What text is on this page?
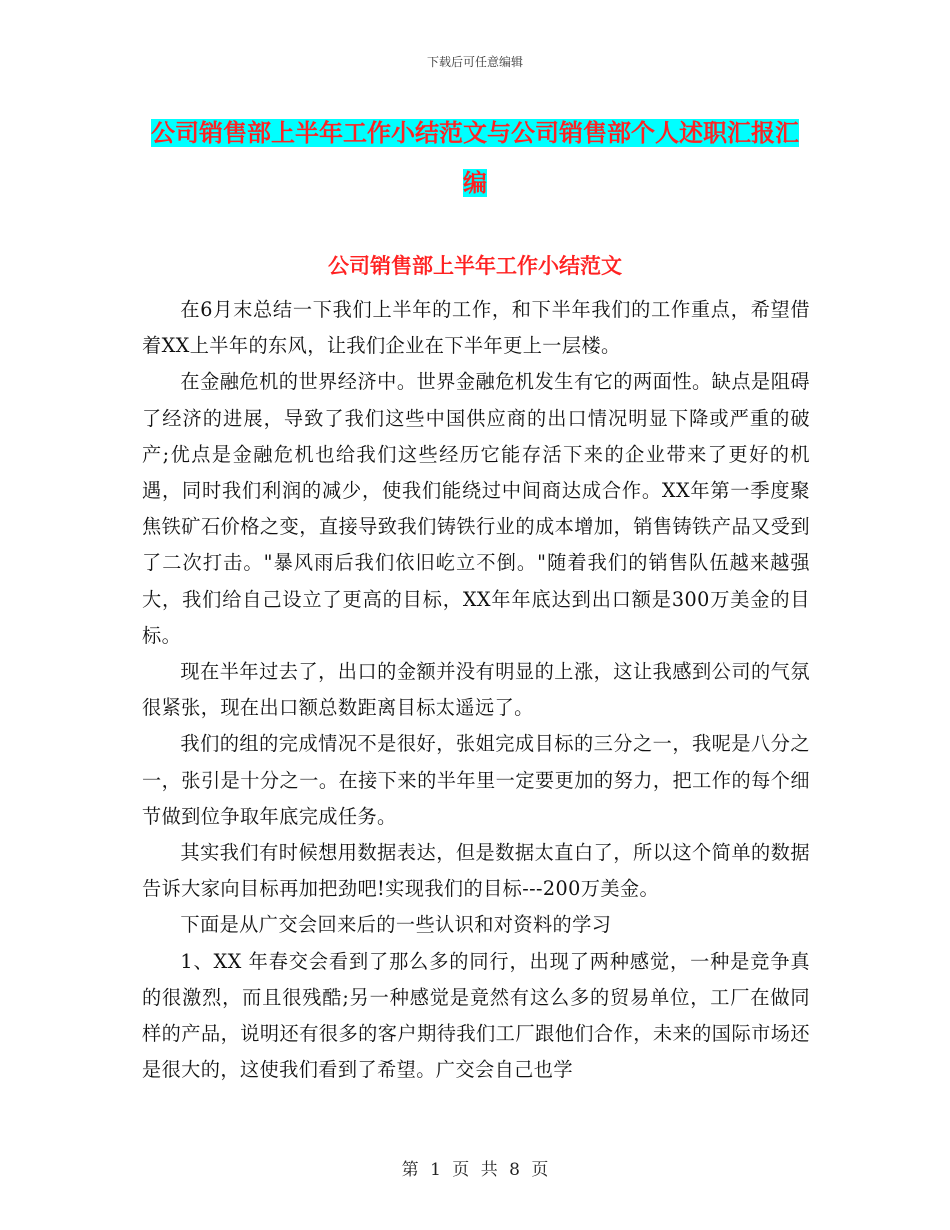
下载后可任意编辑
公司销售部上半年工作小结范文与公司销售部个人述职汇报汇编
公司销售部上半年工作小结范文

在6月末总结一下我们上半年的工作，和下半年我们的工作重点，希望借着XX上半年的东风，让我们企业在下半年更上一层楼。

在金融危机的世界经济中。世界金融危机发生有它的两面性。缺点是阻碍了经济的进展，导致了我们这些中国供应商的出口情况明显下降或严重的破产;优点是金融危机也给我们这些经历它能存活下来的企业带来了更好的机遇，同时我们利润的减少，使我们能绕过中间商达成合作。XX年第一季度聚焦铁矿石价格之变，直接导致我们铸铁行业的成本增加，销售铸铁产品又受到了二次打击。"暴风雨后我们依旧屹立不倒。"随着我们的销售队伍越来越强大，我们给自己设立了更高的目标，XX年年底达到出口额是300万美金的目标。

现在半年过去了，出口的金额并没有明显的上涨，这让我感到公司的气氛很紧张，现在出口额总数距离目标太遥远了。

我们的组的完成情况不是很好，张姐完成目标的三分之一，我呢是八分之一，张引是十分之一。在接下来的半年里一定要更加的努力，把工作的每个细节做到位争取年底完成任务。

其实我们有时候想用数据表达，但是数据太直白了，所以这个简单的数据告诉大家向目标再加把劲吧!实现我们的目标---200万美金。

下面是从广交会回来后的一些认识和对资料的学习

1、XX 年春交会看到了那么多的同行，出现了两种感觉，一种是竞争真的很激烈，而且很残酷;另一种感觉是竟然有这么多的贸易单位，工厂在做同样的产品，说明还有很多的客户期待我们工厂跟他们合作，未来的国际市场还是很大的，这使我们看到了希望。广交会自己也学

第 1 页 共 8 页
